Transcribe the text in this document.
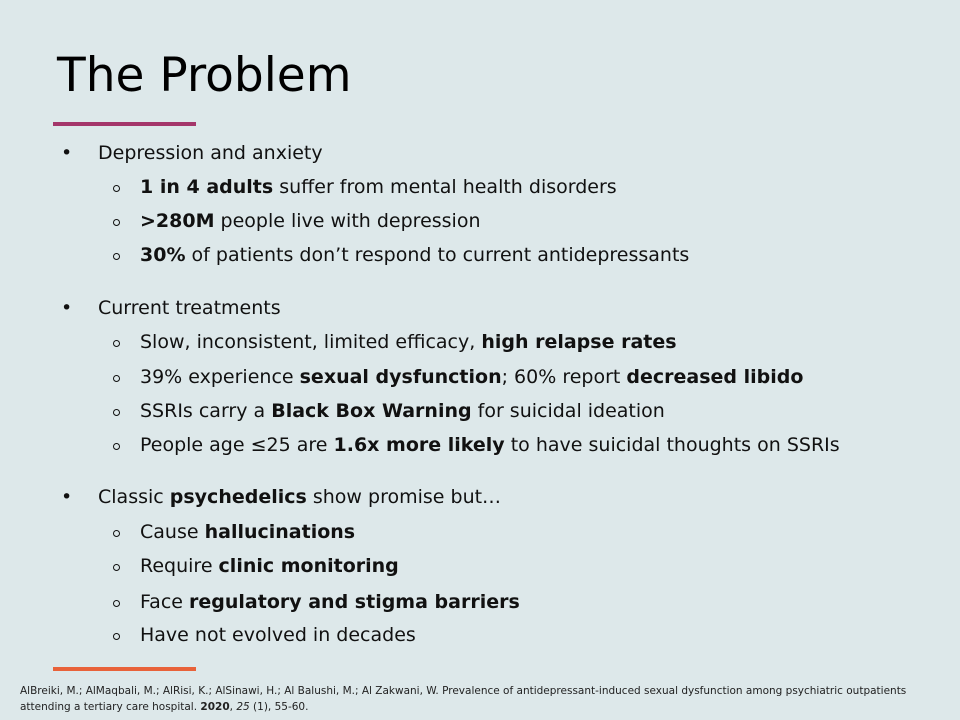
The Problem
• Depression and anxiety
1 in 4 adults suffer from mental health disorders
>280M people live with depression
30% of patients don’t respond to current antidepressants
• Current treatments
Slow, inconsistent, limited efficacy, high relapse rates
39% experience sexual dysfunction; 60% report decreased libido
SSRIs carry a Black Box Warning for suicidal ideation
People age ≤25 are 1.6x more likely to have suicidal thoughts on SSRIs
• Classic psychedelics show promise but…
Cause hallucinations
Require clinic monitoring
Face regulatory and stigma barriers
Have not evolved in decades
AlBreiki, M.; AlMaqbali, M.; AlRisi, K.; AlSinawi, H.; Al Balushi, M.; Al Zakwani, W. Prevalence of antidepressant-induced sexual dysfunction among psychiatric outpatients attending a tertiary care hospital. 2020, 25 (1), 55-60.
